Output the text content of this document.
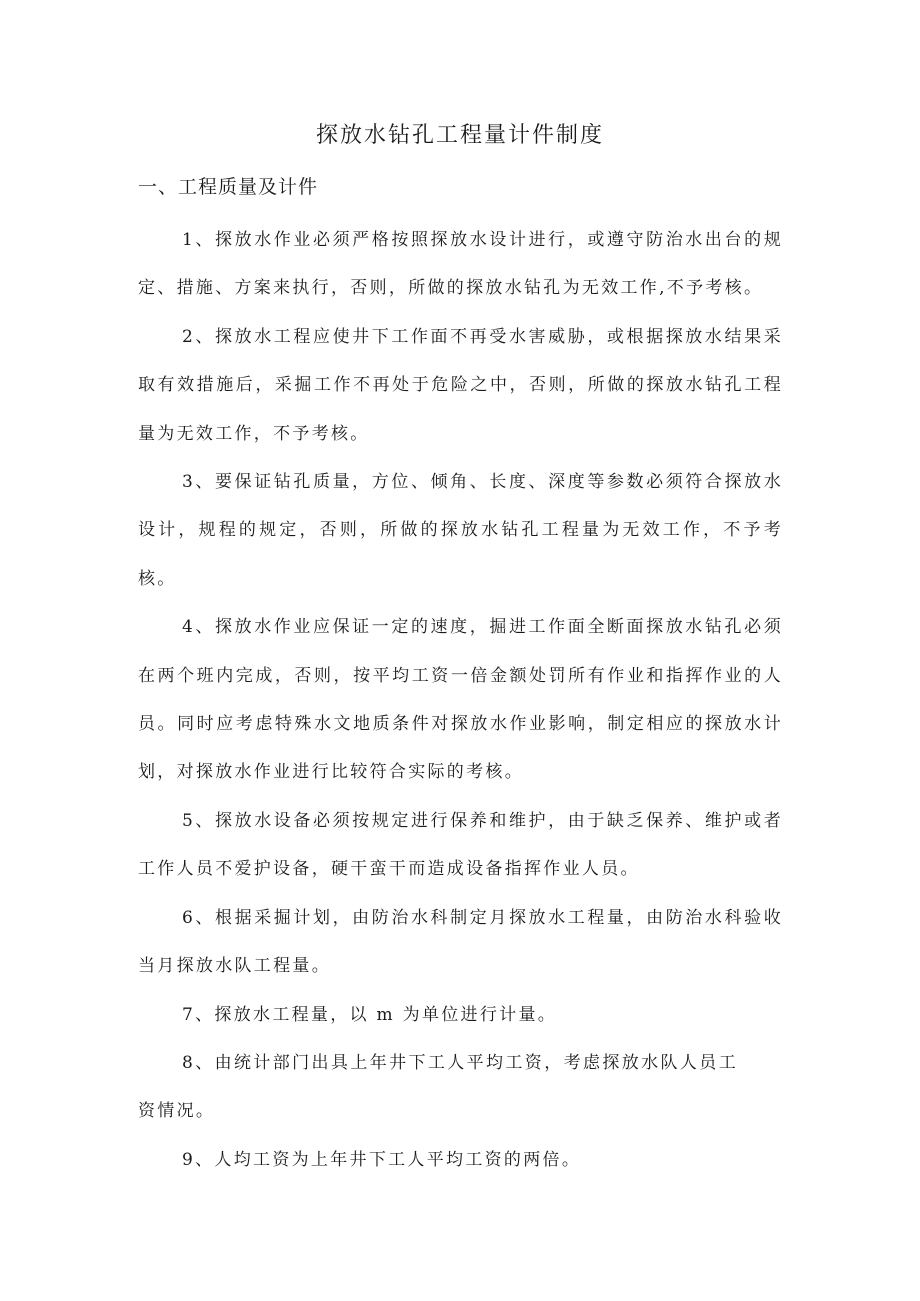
探放水钻孔工程量计件制度
一、工程质量及计件

1、探放水作业必须严格按照探放水设计进行，或遵守防治水出台的规定、措施、方案来执行，否则，所做的探放水钻孔为无效工作,不予考核。

2、探放水工程应使井下工作面不再受水害威胁，或根据探放水结果采取有效措施后，采掘工作不再处于危险之中，否则，所做的探放水钻孔工程量为无效工作，不予考核。

3、要保证钻孔质量，方位、倾角、长度、深度等参数必须符合探放水设计，规程的规定，否则，所做的探放水钻孔工程量为无效工作，不予考核。

4、探放水作业应保证一定的速度，掘进工作面全断面探放水钻孔必须在两个班内完成，否则，按平均工资一倍金额处罚所有作业和指挥作业的人员。同时应考虑特殊水文地质条件对探放水作业影响，制定相应的探放水计划，对探放水作业进行比较符合实际的考核。

5、探放水设备必须按规定进行保养和维护，由于缺乏保养、维护或者工作人员不爱护设备，硬干蛮干而造成设备指挥作业人员。

6、根据采掘计划，由防治水科制定月探放水工程量，由防治水科验收当月探放水队工程量。

7、探放水工程量，以 m 为单位进行计量。

8、由统计部门出具上年井下工人平均工资，考虑探放水队人员工资情况。

9、人均工资为上年井下工人平均工资的两倍。
